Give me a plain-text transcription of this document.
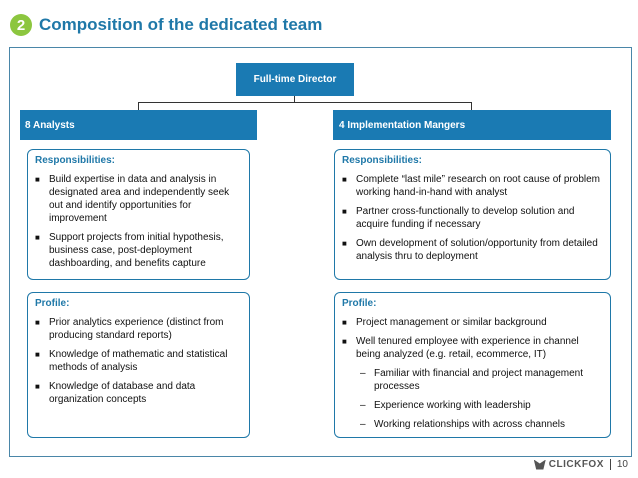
2 Composition of the dedicated team
Full-time Director
8 Analysts	4 Implementation Mangers
Responsibilities:
■ Build expertise in data and analysis in designated area and independently seek out and identify opportunities for improvement
■ Support projects from initial hypothesis, business case, post-deployment dashboarding, and benefits capture
Responsibilities:
■ Complete “last mile” research on root cause of problem working hand-in-hand with analyst
■ Partner cross-functionally to develop solution and acquire funding if necessary
■ Own development of solution/opportunity from detailed analysis thru to deployment
Profile:
■ Prior analytics experience (distinct from producing standard reports)
■ Knowledge of mathematic and statistical methods of analysis
■ Knowledge of database and data organization concepts
Profile:
■ Project management or similar background
■ Well tenured employee with experience in channel being analyzed (e.g. retail, ecommerce, IT)
– Familiar with financial and project management processes
– Experience working with leadership
– Working relationships with across channels
CLICKFOX 10
